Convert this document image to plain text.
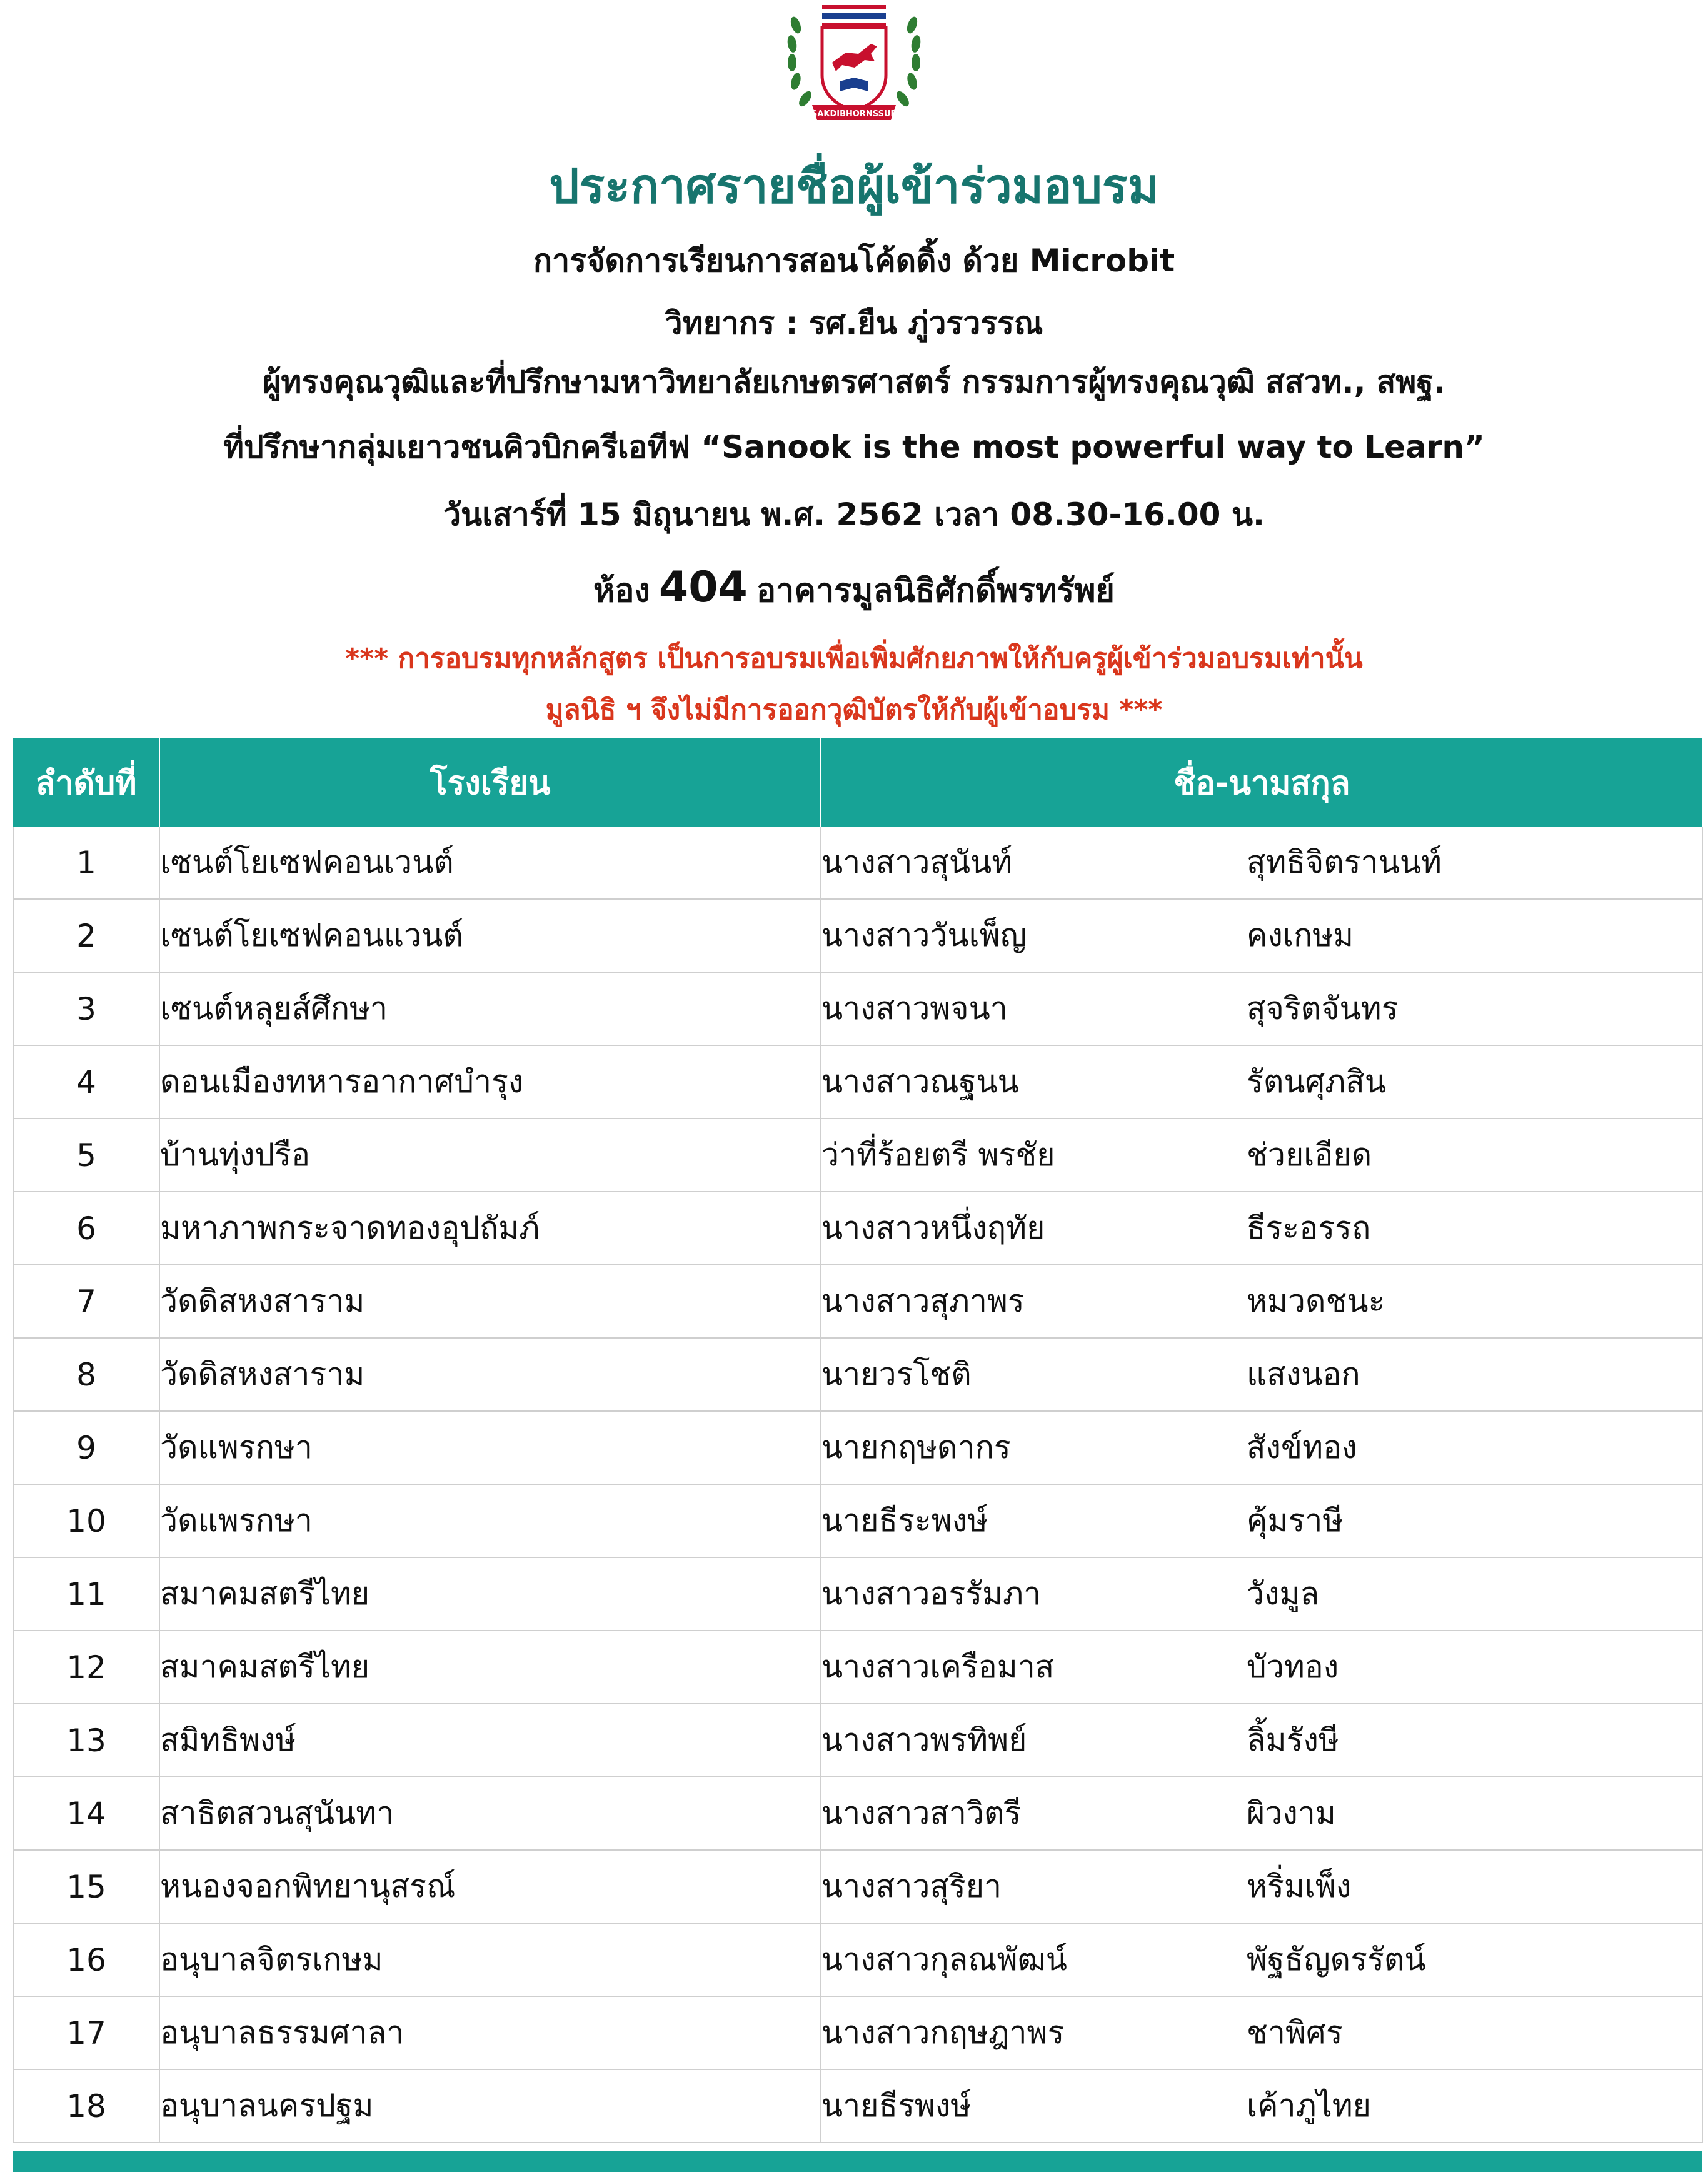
SAKDIBHORNSSUP
ประกาศรายชื่อผู้เข้าร่วมอบรม
การจัดการเรียนการสอนโค้ดดิ้ง ด้วย Microbit
วิทยากร : รศ.ยืน ภู่วรวรรณ
ผู้ทรงคุณวุฒิและที่ปรึกษามหาวิทยาลัยเกษตรศาสตร์ กรรมการผู้ทรงคุณวุฒิ สสวท., สพฐ.
ที่ปรึกษากลุ่มเยาวชนคิวบิกครีเอทีฟ “Sanook is the most powerful way to Learn”
วันเสาร์ที่ 15 มิถุนายน พ.ศ. 2562 เวลา 08.30-16.00 น.
ห้อง 404 อาคารมูลนิธิศักดิ์พรทรัพย์
*** การอบรมทุกหลักสูตร เป็นการอบรมเพื่อเพิ่มศักยภาพให้กับครูผู้เข้าร่วมอบรมเท่านั้น
มูลนิธิ ฯ จึงไม่มีการออกวุฒิบัตรให้กับผู้เข้าอบรม ***
ลำดับที่	โรงเรียน	ชื่อ-นามสกุล
1	เซนต์โยเซฟคอนเวนต์	นางสาวสุนันท์ สุทธิจิตรานนท์
2	เซนต์โยเซฟคอนแวนต์	นางสาววันเพ็ญ คงเกษม
3	เซนต์หลุยส์ศึกษา	นางสาวพจนา สุจริตจันทร
4	ดอนเมืองทหารอากาศบำรุง	นางสาวณฐนน รัตนศุภสิน
5	บ้านทุ่งปรือ	ว่าที่ร้อยตรี พรชัย ช่วยเอียด
6	มหาภาพกระจาดทองอุปถัมภ์	นางสาวหนึ่งฤทัย ธีระอรรถ
7	วัดดิสหงสาราม	นางสาวสุภาพร หมวดชนะ
8	วัดดิสหงสาราม	นายวรโชติ แสงนอก
9	วัดแพรกษา	นายกฤษดากร สังข์ทอง
10	วัดแพรกษา	นายธีระพงษ์ คุ้มราษี
11	สมาคมสตรีไทย	นางสาวอรรัมภา วังมูล
12	สมาคมสตรีไทย	นางสาวเครือมาส บัวทอง
13	สมิทธิพงษ์	นางสาวพรทิพย์ ลิ้มรังษี
14	สาธิตสวนสุนันทา	นางสาวสาวิตรี ผิวงาม
15	หนองจอกพิทยานุสรณ์	นางสาวสุริยา หริ่มเพ็ง
16	อนุบาลจิตรเกษม	นางสาวกุลณพัฒน์ พัฐธัญดรรัตน์
17	อนุบาลธรรมศาลา	นางสาวกฤษฎาพร ชาพิศร
18	อนุบาลนครปฐม	นายธีรพงษ์ เค้าภูไทย
